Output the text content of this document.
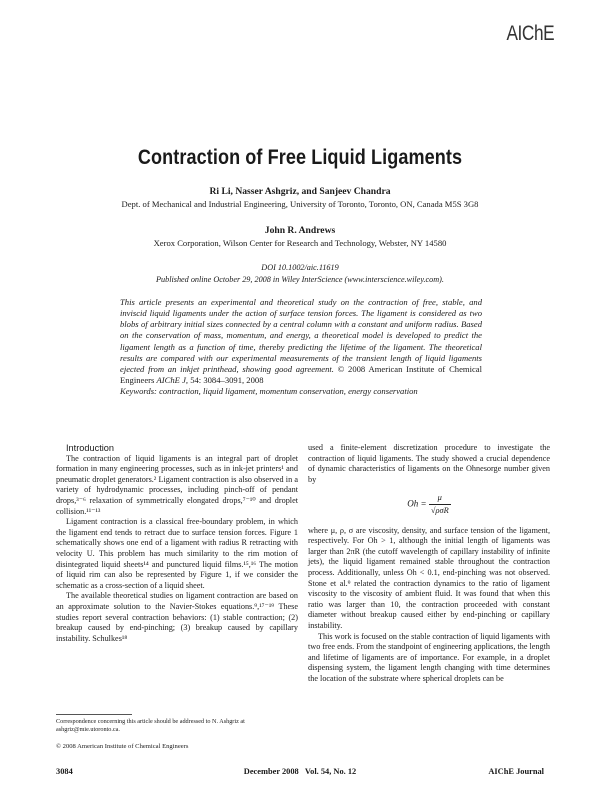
AIChE
Contraction of Free Liquid Ligaments
Ri Li, Nasser Ashgriz, and Sanjeev Chandra
Dept. of Mechanical and Industrial Engineering, University of Toronto, Toronto, ON, Canada M5S 3G8
John R. Andrews
Xerox Corporation, Wilson Center for Research and Technology, Webster, NY 14580
DOI 10.1002/aic.11619
Published online October 29, 2008 in Wiley InterScience (www.interscience.wiley.com).
This article presents an experimental and theoretical study on the contraction of free, stable, and inviscid liquid ligaments under the action of surface tension forces. The ligament is considered as two blobs of arbitrary initial sizes connected by a central column with a constant and uniform radius. Based on the conservation of mass, momentum, and energy, a theoretical model is developed to predict the ligament length as a function of time, thereby predicting the lifetime of the ligament. The theoretical results are compared with our experimental measurements of the transient length of liquid ligaments ejected from an inkjet printhead, showing good agreement. © 2008 American Institute of Chemical Engineers AIChE J, 54: 3084–3091, 2008
Keywords: contraction, liquid ligament, momentum conservation, energy conservation

Introduction

The contraction of liquid ligaments is an integral part of droplet formation in many engineering processes, such as in ink-jet printers¹ and pneumatic droplet generators.² Ligament contraction is also observed in a variety of hydrodynamic processes, including pinch-off of pendant drops,³⁻⁶ relaxation of symmetrically elongated drops,⁷⁻¹⁰ and droplet collision.¹¹⁻¹³

Ligament contraction is a classical free-boundary problem, in which the ligament end tends to retract due to surface tension forces. Figure 1 schematically shows one end of a ligament with radius R retracting with velocity U. This problem has much similarity to the rim motion of disintegrated liquid sheets¹⁴ and punctured liquid films.¹⁵,¹⁶ The motion of liquid rim can also be represented by Figure 1, if we consider the schematic as a cross-section of a liquid sheet.

The available theoretical studies on ligament contraction are based on an approximate solution to the Navier-Stokes equations.⁹,¹⁷⁻¹⁹ These studies report several contraction behaviors: (1) stable contraction; (2) breakup caused by end-pinching; (3) breakup caused by capillary instability. Schulkes¹⁸

used a finite-element discretization procedure to investigate the contraction of liquid ligaments. The study showed a crucial dependence of dynamic characteristics of ligaments on the Ohnesorge number given by

$Oh = \frac{\mu}{\text{√ρσR}}$

where μ, ρ, σ are viscosity, density, and surface tension of the ligament, respectively. For Oh > 1, although the initial length of ligaments was larger than 2πR (the cutoff wavelength of capillary instability of infinite jets), the liquid ligament remained stable throughout the contraction process. Additionally, unless Oh < 0.1, end-pinching was not observed. Stone et al.⁹ related the contraction dynamics to the ratio of ligament viscosity to the viscosity of ambient fluid. It was found that when this ratio was larger than 10, the contraction proceeded with constant diameter without breakup caused either by end-pinching or capillary instability.

This work is focused on the stable contraction of liquid ligaments with two free ends. From the standpoint of engineering applications, the length and lifetime of ligaments are of importance. For example, in a droplet dispensing system, the ligament length changing with time determines the location of the substrate where spherical droplets can be

Correspondence concerning this article should be addressed to N. Ashgriz at ashgriz@mie.utoronto.ca.
© 2008 American Institute of Chemical Engineers
3084	December 2008   Vol. 54, No. 12	AIChE Journal
